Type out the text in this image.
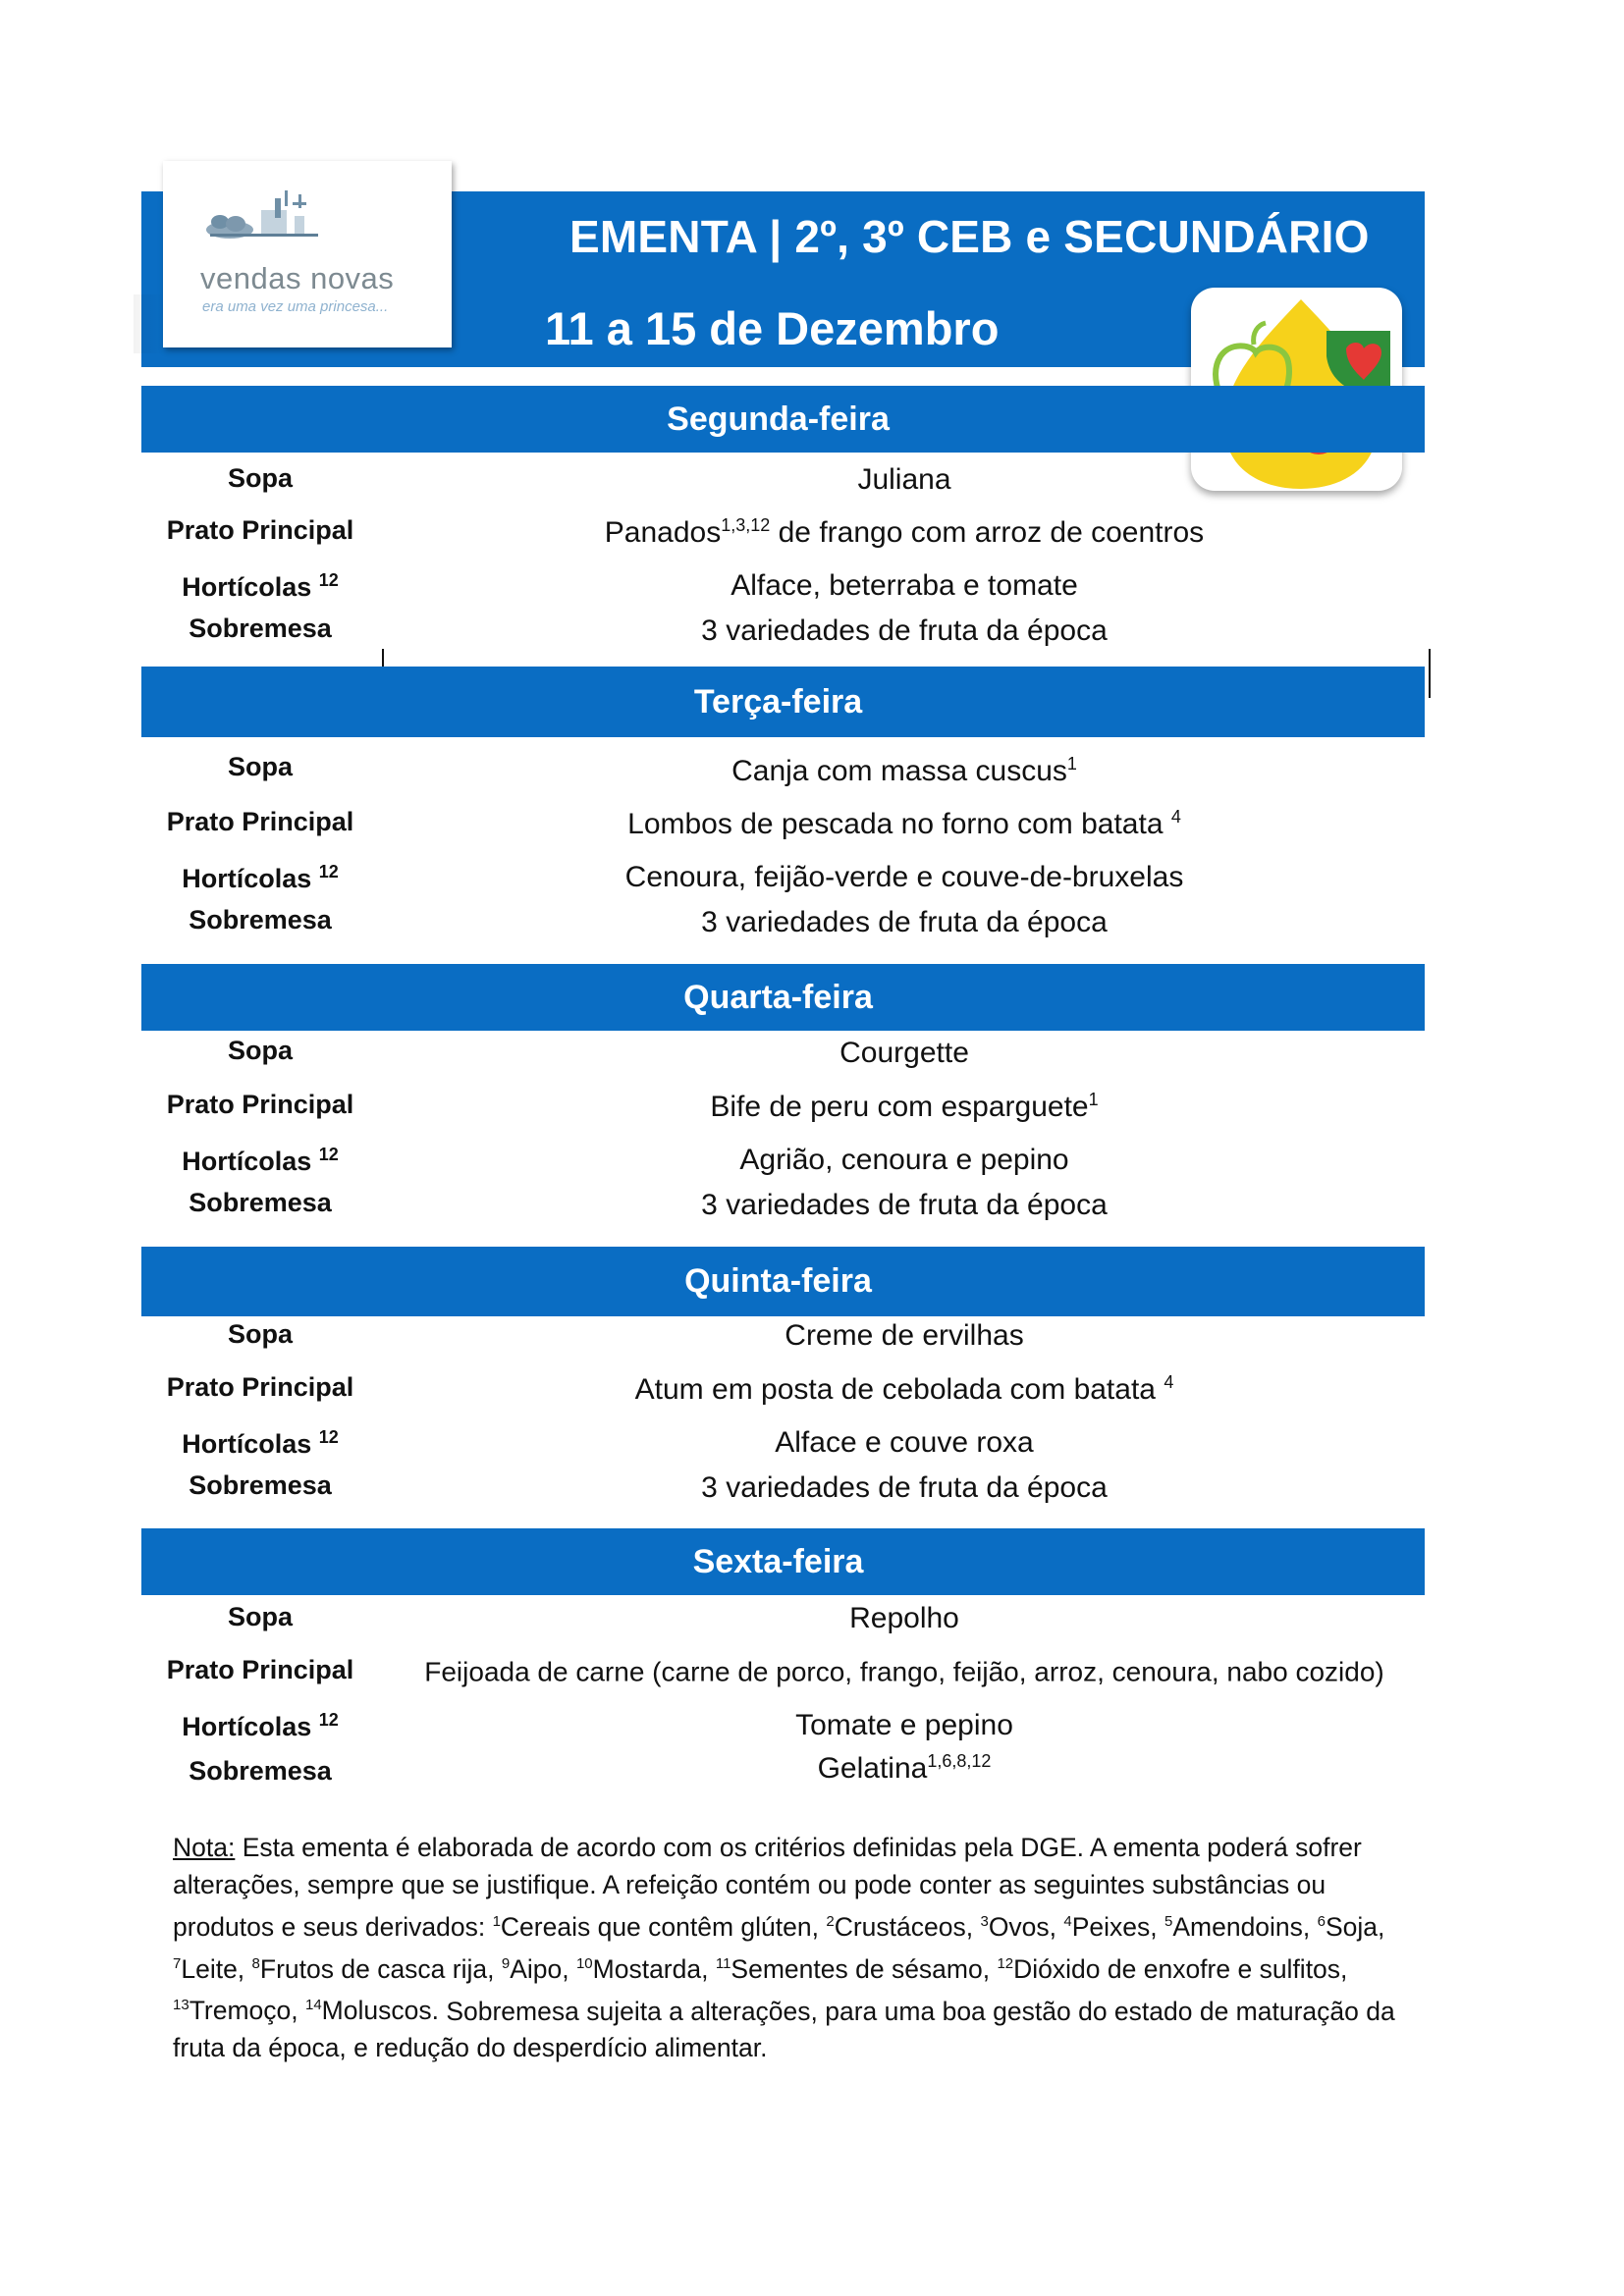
EMENTA | 2º, 3º CEB e SECUNDÁRIO
11 a 15 de Dezembro
vendas novas
era uma vez uma princesa...
Segunda-feira
Sopa	Juliana
Prato Principal	Panados$^{1,3,12}$ de frango com arroz de coentros
Hortícolas $^{12}$	Alface, beterraba e tomate
Sobremesa	3 variedades de fruta da época
Terça-feira
Sopa	Canja com massa cuscus$^1$
Prato Principal	Lombos de pescada no forno com batata $^4$
Hortícolas $^{12}$	Cenoura, feijão-verde e couve-de-bruxelas
Sobremesa	3 variedades de fruta da época
Quarta-feira
Sopa	Courgette
Prato Principal	Bife de peru com esparguete$^1$
Hortícolas $^{12}$	Agrião, cenoura e pepino
Sobremesa	3 variedades de fruta da época
Quinta-feira
Sopa	Creme de ervilhas
Prato Principal	Atum em posta de cebolada com batata $^4$
Hortícolas $^{12}$	Alface e couve roxa
Sobremesa	3 variedades de fruta da época
Sexta-feira
Sopa	Repolho
Prato Principal	Feijoada de carne (carne de porco, frango, feijão, arroz, cenoura, nabo cozido)
Hortícolas $^{12}$	Tomate e pepino
Sobremesa	Gelatina$^{1,6,8,12}$
Nota: Esta ementa é elaborada de acordo com os critérios definidas pela DGE. A ementa poderá sofrer alterações, sempre que se justifique. A refeição contém ou pode conter as seguintes substâncias ou produtos e seus derivados: $^1$Cereais que contêm glúten, $^2$Crustáceos, $^3$Ovos, $^4$Peixes, $^5$Amendoins, $^6$Soja, $^7$Leite, $^8$Frutos de casca rija, $^9$Aipo, $^{10}$Mostarda, $^{11}$Sementes de sésamo, $^{12}$Dióxido de enxofre e sulfitos, $^{13}$Tremoço, $^{14}$Moluscos. Sobremesa sujeita a alterações, para uma boa gestão do estado de maturação da fruta da época, e redução do desperdício alimentar.
